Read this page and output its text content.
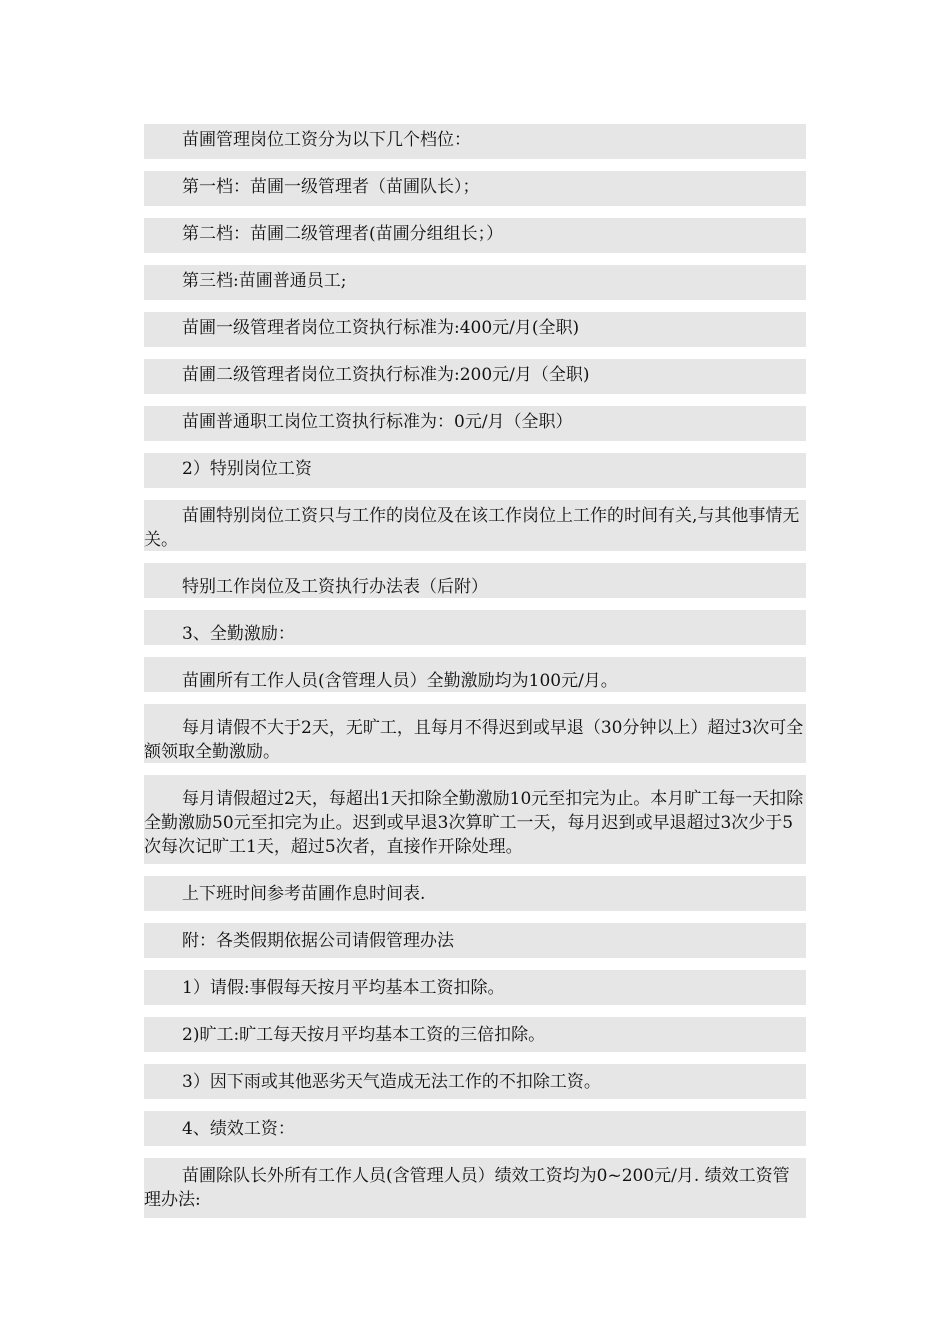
苗圃管理岗位工资分为以下几个档位：
第一档：苗圃一级管理者（苗圃队长）；
第二档：苗圃二级管理者(苗圃分组组长；）
第三档:苗圃普通员工;
苗圃一级管理者岗位工资执行标准为:400元/月(全职)
苗圃二级管理者岗位工资执行标准为:200元/月（全职)
苗圃普通职工岗位工资执行标准为：0元/月（全职）
2）特别岗位工资
苗圃特别岗位工资只与工作的岗位及在该工作岗位上工作的时间有关,与其他事情无关。
特别工作岗位及工资执行办法表（后附）
3、全勤激励：
苗圃所有工作人员(含管理人员）全勤激励均为100元/月。
每月请假不大于2天，无旷工，且每月不得迟到或早退（30分钟以上）超过3次可全额领取全勤激励。
每月请假超过2天，每超出1天扣除全勤激励10元至扣完为止。本月旷工每一天扣除全勤激励50元至扣完为止。迟到或早退3次算旷工一天，每月迟到或早退超过3次少于5次每次记旷工1天，超过5次者，直接作开除处理。
上下班时间参考苗圃作息时间表.
附：各类假期依据公司请假管理办法
1）请假:事假每天按月平均基本工资扣除。
2)旷工:旷工每天按月平均基本工资的三倍扣除。
3）因下雨或其他恶劣天气造成无法工作的不扣除工资。
4、绩效工资：
苗圃除队长外所有工作人员(含管理人员）绩效工资均为0~200元/月. 绩效工资管理办法:
